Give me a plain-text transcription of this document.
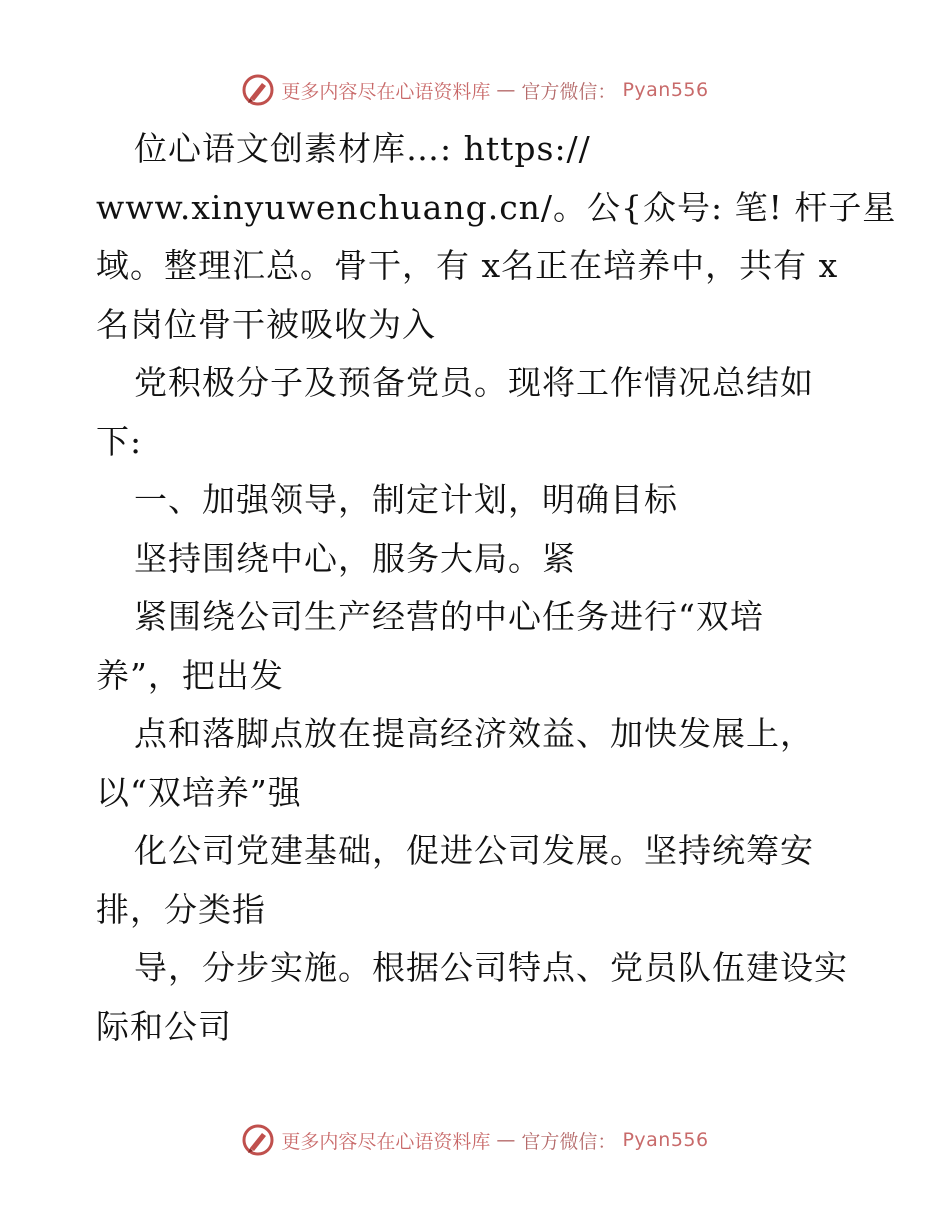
更多内容尽在心语资料库 — 官方微信： Pyan556
位心语文创素材库…: https://
www.xinyuwenchuang.cn/。公{众号: 笔! 杆子星
域。整理汇总。骨干，有 x名正在培养中，共有 x
名岗位骨干被吸收为入
党积极分子及预备党员。现将工作情况总结如
下:
一、加强领导，制定计划，明确目标
坚持围绕中心，服务大局。紧
紧围绕公司生产经营的中心任务进行“双培
养”，把出发
点和落脚点放在提高经济效益、加快发展上，
以“双培养”强
化公司党建基础，促进公司发展。坚持统筹安
排，分类指
导，分步实施。根据公司特点、党员队伍建设实
际和公司
更多内容尽在心语资料库 — 官方微信： Pyan556
